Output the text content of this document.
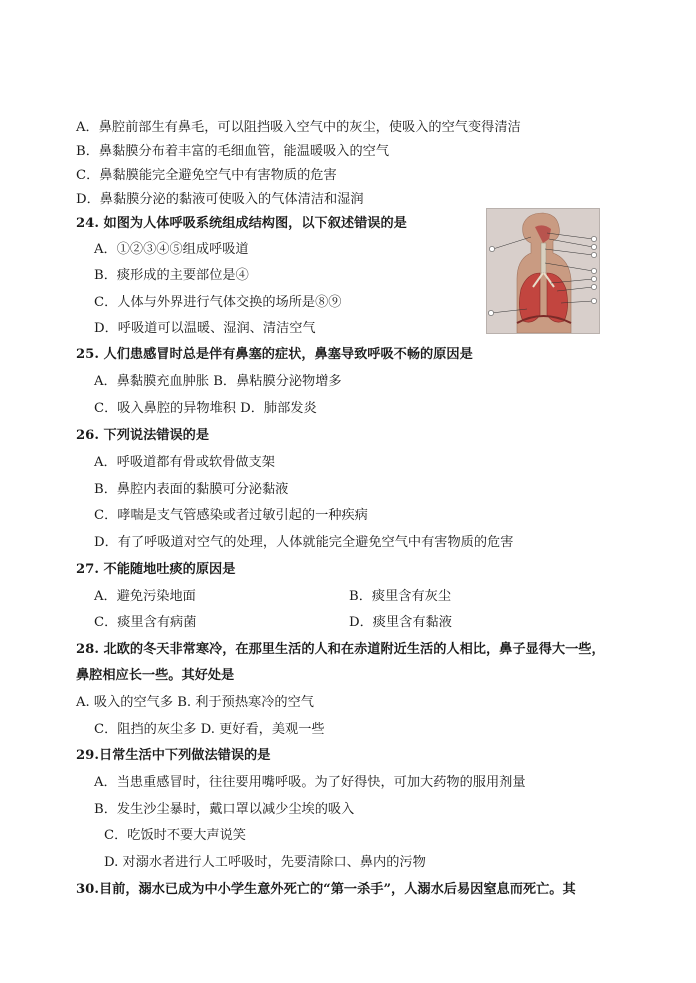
A．鼻腔前部生有鼻毛，可以阻挡吸入空气中的灰尘，使吸入的空气变得清洁
B．鼻黏膜分布着丰富的毛细血管，能温暖吸入的空气
C．鼻黏膜能完全避免空气中有害物质的危害
D．鼻黏膜分泌的黏液可使吸入的气体清洁和湿润
24. 如图为人体呼吸系统组成结构图，以下叙述错误的是
A．①②③④⑤组成呼吸道
B．痰形成的主要部位是④
C．人体与外界进行气体交换的场所是⑧⑨
D．呼吸道可以温暖、湿润、清洁空气
25. 人们患感冒时总是伴有鼻塞的症状，鼻塞导致呼吸不畅的原因是
A．鼻黏膜充血肿胀 B．鼻粘膜分泌物增多
C．吸入鼻腔的异物堆积 D．肺部发炎
26. 下列说法错误的是
A．呼吸道都有骨或软骨做支架
B．鼻腔内表面的黏膜可分泌黏液
C．哮喘是支气管感染或者过敏引起的一种疾病
D．有了呼吸道对空气的处理，人体就能完全避免空气中有害物质的危害
27. 不能随地吐痰的原因是
A．避免污染地面	B．痰里含有灰尘
C．痰里含有病菌	D．痰里含有黏液
28. 北欧的冬天非常寒冷，在那里生活的人和在赤道附近生活的人相比，鼻子显得大一些，
鼻腔相应长一些。其好处是
A. 吸入的空气多 B. 利于预热寒冷的空气
C．阻挡的灰尘多 D. 更好看，美观一些
29.日常生活中下列做法错误的是
A．当患重感冒时，往往要用嘴呼吸。为了好得快，可加大药物的服用剂量
B．发生沙尘暴时，戴口罩以减少尘埃的吸入
C．吃饭时不要大声说笑
D. 对溺水者进行人工呼吸时，先要清除口、鼻内的污物
30.目前，溺水已成为中小学生意外死亡的“第一杀手”，人溺水后易因窒息而死亡。其
